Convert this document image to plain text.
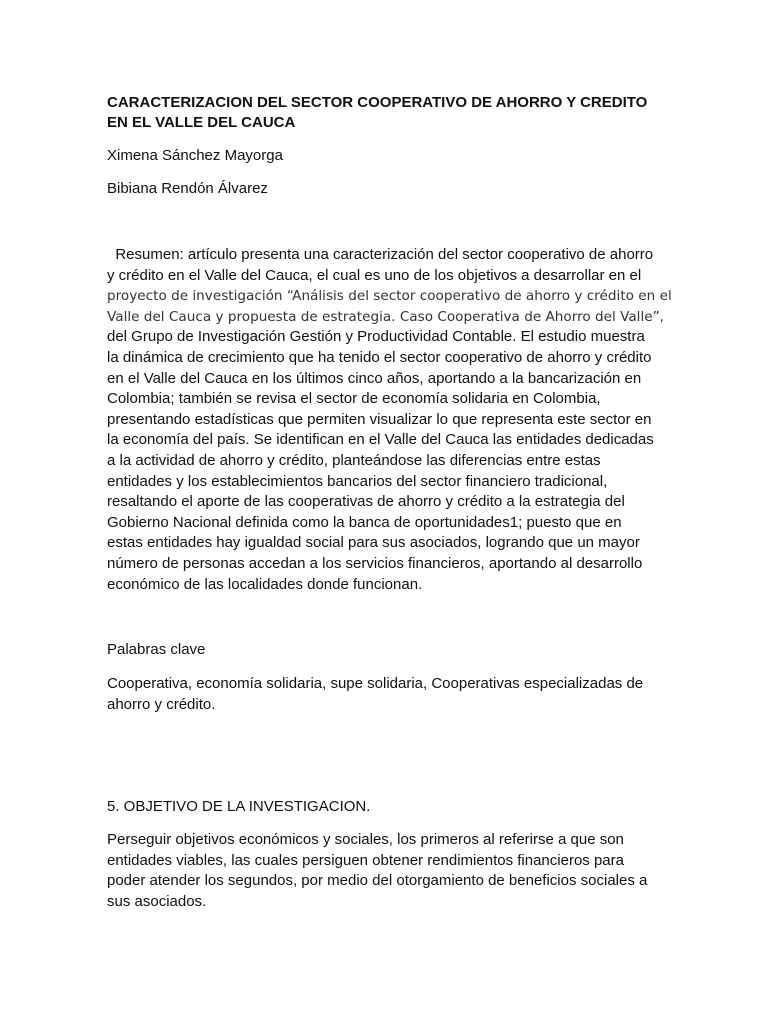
CARACTERIZACION DEL SECTOR COOPERATIVO DE AHORRO Y CREDITO EN EL VALLE DEL CAUCA

Ximena Sánchez Mayorga

Bibiana Rendón Álvarez

Resumen: artículo presenta una caracterización del sector cooperativo de ahorro
y crédito en el Valle del Cauca, el cual es uno de los objetivos a desarrollar en el
proyecto de investigación “Análisis del sector cooperativo de ahorro y crédito en el
Valle del Cauca y propuesta de estrategia. Caso Cooperativa de Ahorro del Valle”,
del Grupo de Investigación Gestión y Productividad Contable. El estudio muestra
la dinámica de crecimiento que ha tenido el sector cooperativo de ahorro y crédito
en el Valle del Cauca en los últimos cinco años, aportando a la bancarización en
Colombia; también se revisa el sector de economía solidaria en Colombia,
presentando estadísticas que permiten visualizar lo que representa este sector en
la economía del país. Se identifican en el Valle del Cauca las entidades dedicadas
a la actividad de ahorro y crédito, planteándose las diferencias entre estas
entidades y los establecimientos bancarios del sector financiero tradicional,
resaltando el aporte de las cooperativas de ahorro y crédito a la estrategia del
Gobierno Nacional definida como la banca de oportunidades1; puesto que en
estas entidades hay igualdad social para sus asociados, logrando que un mayor
número de personas accedan a los servicios financieros, aportando al desarrollo
económico de las localidades donde funcionan.

Palabras clave

Cooperativa, economía solidaria, supe solidaria, Cooperativas especializadas de
ahorro y crédito.

5. OBJETIVO DE LA INVESTIGACION.

Perseguir objetivos económicos y sociales, los primeros al referirse a que son
entidades viables, las cuales persiguen obtener rendimientos financieros para
poder atender los segundos, por medio del otorgamiento de beneficios sociales a
sus asociados.
